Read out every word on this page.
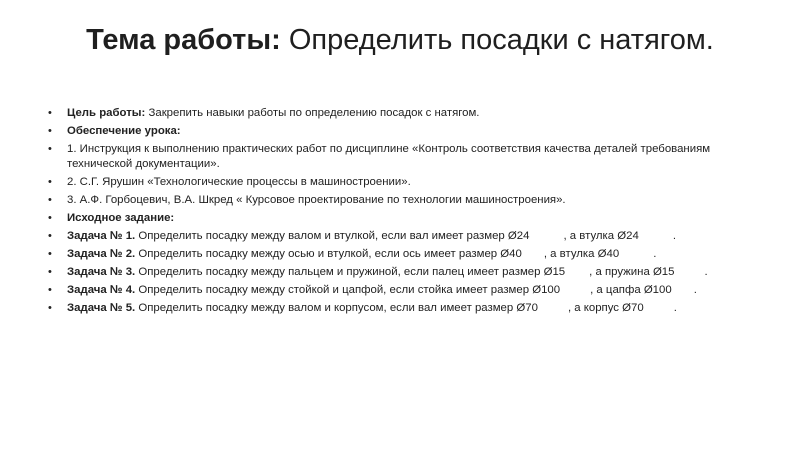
Тема работы: Определить посадки с натягом.
• Цель работы: Закрепить навыки работы по определению посадок с натягом.
• Обеспечение урока:
• 1. Инструкция к выполнению практических работ по дисциплине «Контроль соответствия качества деталей требованиям технической документации».
• 2. С.Г. Ярушин «Технологические процессы в машиностроении».
• 3. А.Ф. Горбоцевич, В.А. Шкред « Курсовое проектирование по технологии машиностроения».
• Исходное задание:
• Задача № 1. Определить посадку между валом и втулкой, если вал имеет размер Ø24	, а втулка Ø24	.
• Задача № 2. Определить посадку между осью и втулкой, если ось имеет размер Ø40 , а втулка Ø40	.
• Задача № 3. Определить посадку между пальцем и пружиной, если палец имеет размер Ø15 , а пружина Ø15	.
• Задача № 4. Определить посадку между стойкой и цапфой, если стойка имеет размер Ø100	, а цапфа Ø100 .
• Задача № 5. Определить посадку между валом и корпусом, если вал имеет размер Ø70	, а корпус Ø70	.
